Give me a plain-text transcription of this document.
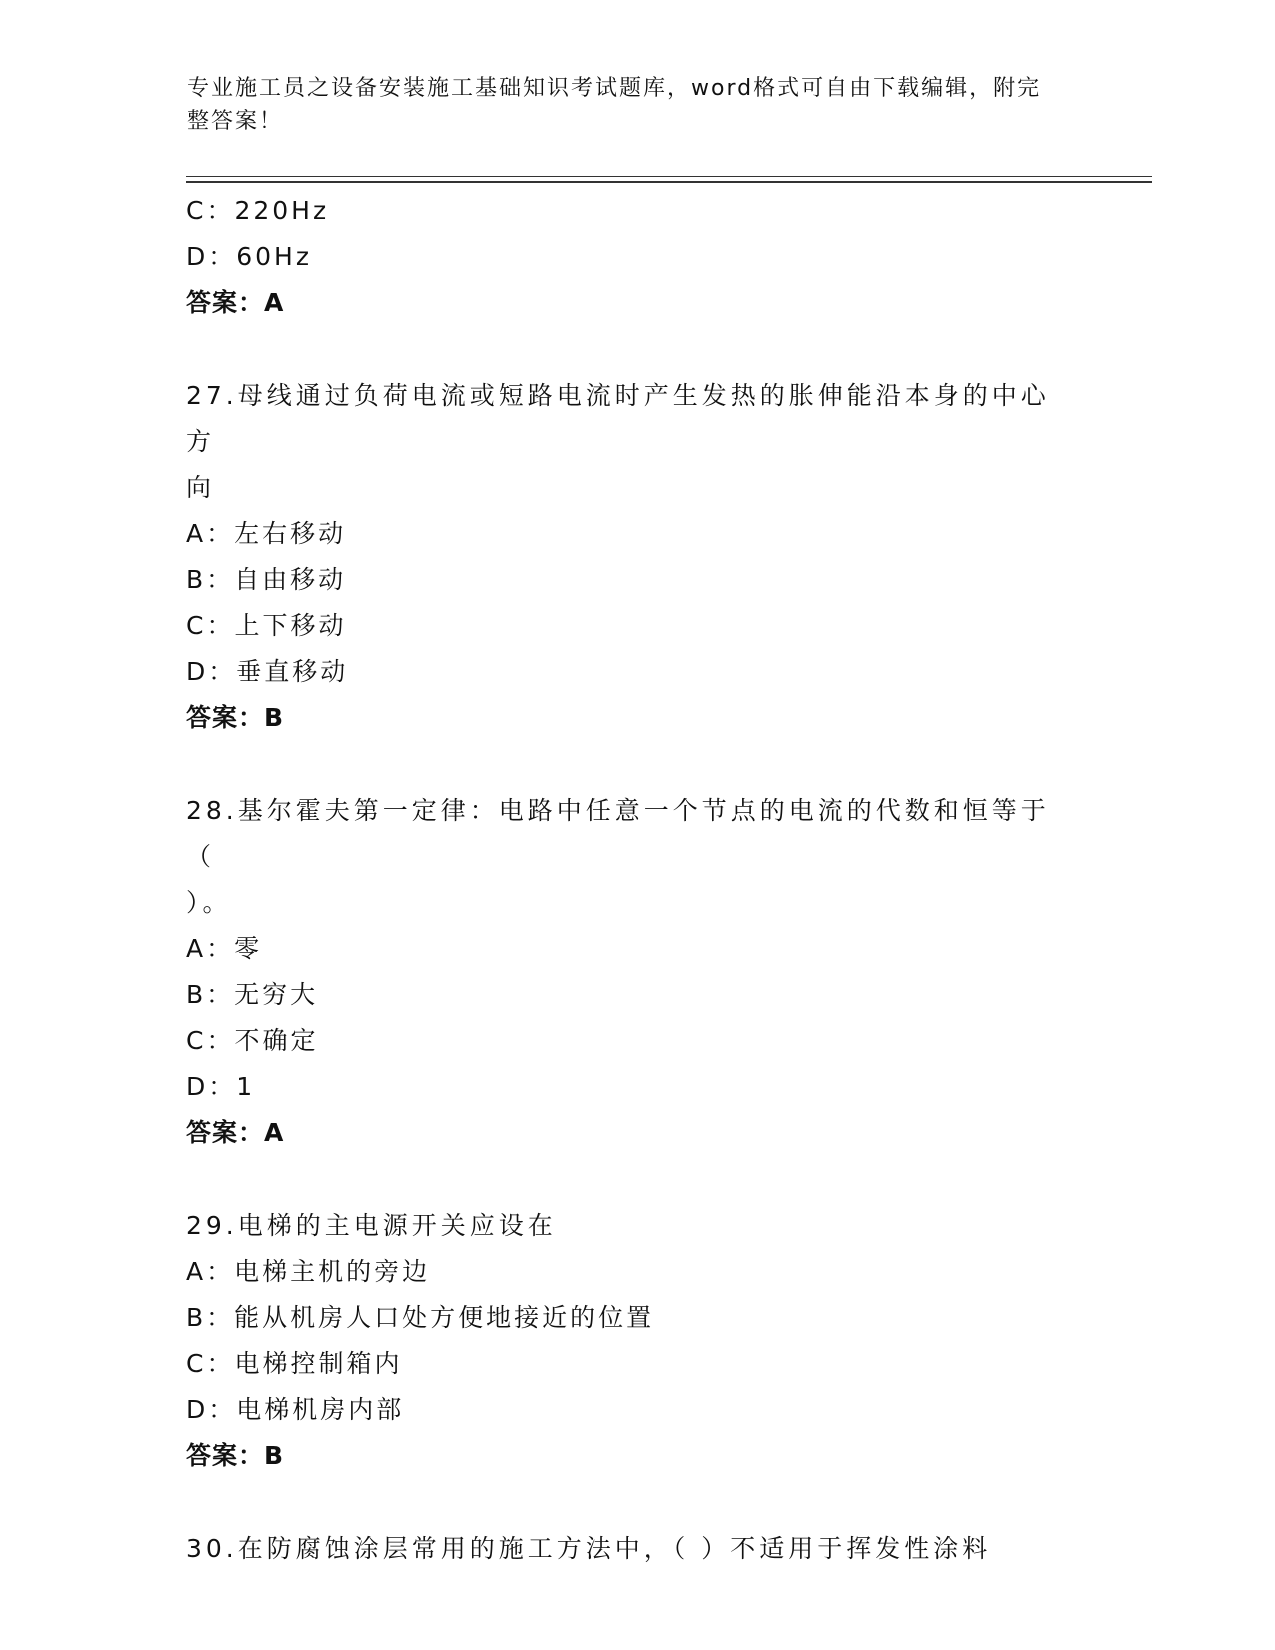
专业施工员之设备安装施工基础知识考试题库，word格式可自由下载编辑，附完
整答案！
C：220Hz
D：60Hz
答案：A
27.母线通过负荷电流或短路电流时产生发热的胀伸能沿本身的中心方
向
A：左右移动
B：自由移动
C：上下移动
D：垂直移动
答案：B
28.基尔霍夫第一定律：电路中任意一个节点的电流的代数和恒等于（
）。
A：零
B：无穷大
C：不确定
D：1
答案：A
29.电梯的主电源开关应设在
A：电梯主机的旁边
B：能从机房人口处方便地接近的位置
C：电梯控制箱内
D：电梯机房内部
答案：B
30.在防腐蚀涂层常用的施工方法中，（ ）不适用于挥发性涂料
